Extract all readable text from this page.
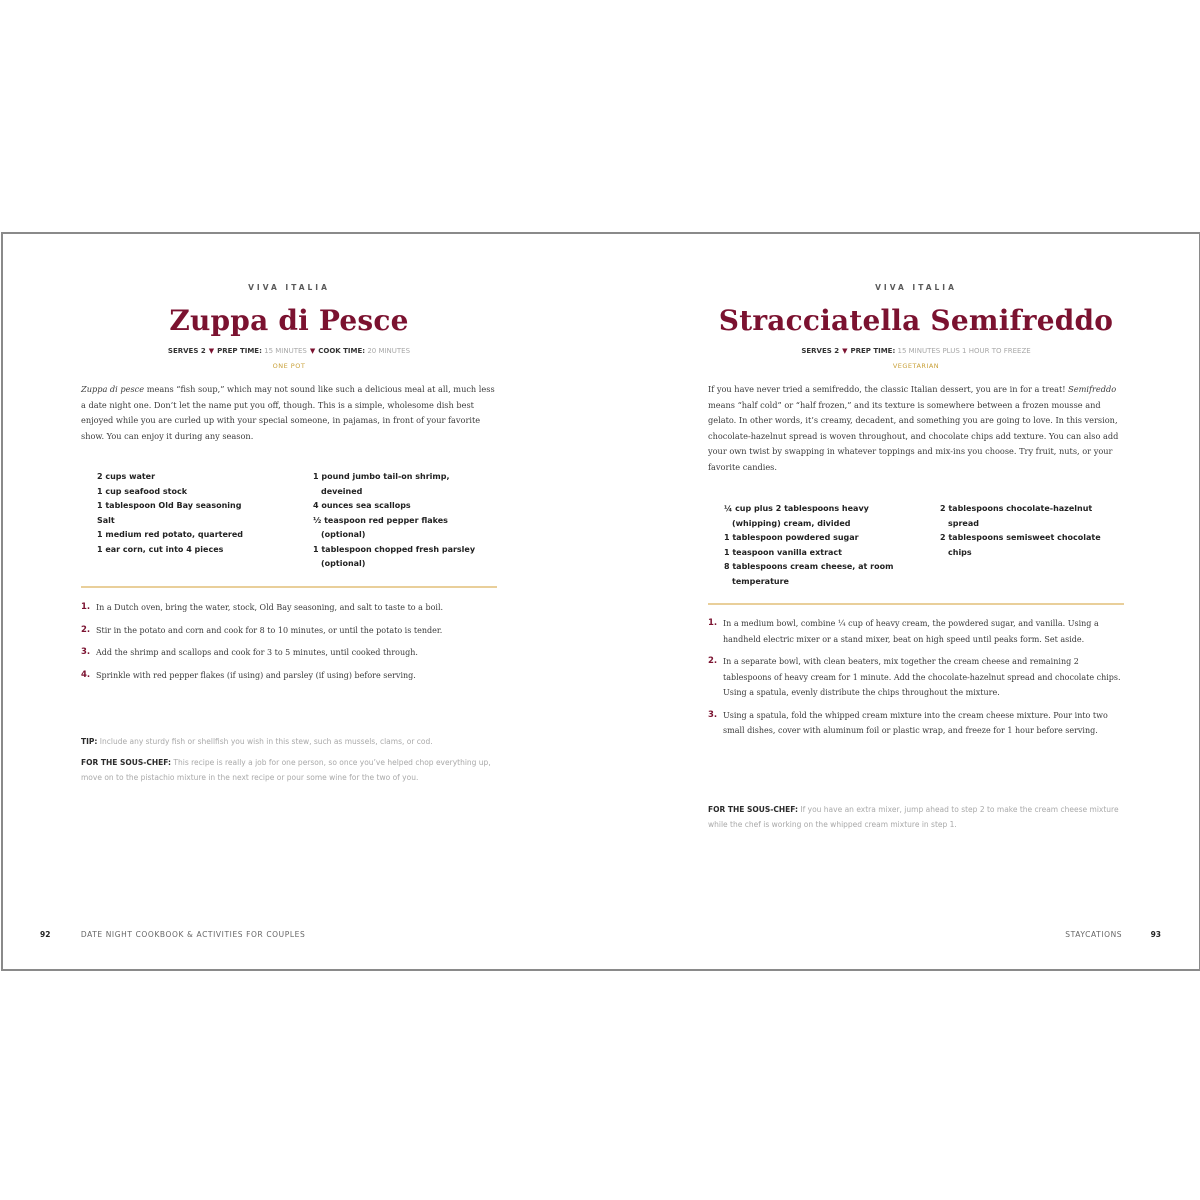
VIVA ITALIA
Zuppa di Pesce
SERVES 2 ▼ PREP TIME: 15 MINUTES ▼ COOK TIME: 20 MINUTES
ONE POT
Zuppa di pesce means “fish soup,” which may not sound like such a delicious meal at all, much less a date night one. Don’t let the name put you off, though. This is a simple, wholesome dish best enjoyed while you are curled up with your special someone, in pajamas, in front of your favorite show. You can enjoy it during any season.
2 cups water
1 cup seafood stock
1 tablespoon Old Bay seasoning
Salt
1 medium red potato, quartered
1 ear corn, cut into 4 pieces
1 pound jumbo tail-on shrimp, deveined
4 ounces sea scallops
½ teaspoon red pepper flakes (optional)
1 tablespoon chopped fresh parsley (optional)
1. In a Dutch oven, bring the water, stock, Old Bay seasoning, and salt to taste to a boil.
2. Stir in the potato and corn and cook for 8 to 10 minutes, or until the potato is tender.
3. Add the shrimp and scallops and cook for 3 to 5 minutes, until cooked through.
4. Sprinkle with red pepper flakes (if using) and parsley (if using) before serving.

TIP: Include any sturdy fish or shellfish you wish in this stew, such as mussels, clams, or cod.

FOR THE SOUS-CHEF: This recipe is really a job for one person, so once you’ve helped chop everything up, move on to the pistachio mixture in the next recipe or pour some wine for the two of you.

92	DATE NIGHT COOKBOOK & ACTIVITIES FOR COUPLES
VIVA ITALIA
Stracciatella Semifreddo
SERVES 2 ▼ PREP TIME: 15 MINUTES PLUS 1 HOUR TO FREEZE
VEGETARIAN
If you have never tried a semifreddo, the classic Italian dessert, you are in for a treat! Semifreddo means “half cold” or “half frozen,” and its texture is somewhere between a frozen mousse and gelato. In other words, it’s creamy, decadent, and something you are going to love. In this version, chocolate-hazelnut spread is woven throughout, and chocolate chips add texture. You can also add your own twist by swapping in whatever toppings and mix-ins you choose. Try fruit, nuts, or your favorite candies.
¼ cup plus 2 tablespoons heavy (whipping) cream, divided
1 tablespoon powdered sugar
1 teaspoon vanilla extract
8 tablespoons cream cheese, at room temperature
2 tablespoons chocolate-hazelnut spread
2 tablespoons semisweet chocolate chips
1. In a medium bowl, combine ¼ cup of heavy cream, the powdered sugar, and vanilla. Using a handheld electric mixer or a stand mixer, beat on high speed until peaks form. Set aside.
2. In a separate bowl, with clean beaters, mix together the cream cheese and remaining 2 tablespoons of heavy cream for 1 minute. Add the chocolate-hazelnut spread and chocolate chips. Using a spatula, evenly distribute the chips throughout the mixture.
3. Using a spatula, fold the whipped cream mixture into the cream cheese mixture. Pour into two small dishes, cover with aluminum foil or plastic wrap, and freeze for 1 hour before serving.

FOR THE SOUS-CHEF: If you have an extra mixer, jump ahead to step 2 to make the cream cheese mixture while the chef is working on the whipped cream mixture in step 1.

STAYCATIONS	93
